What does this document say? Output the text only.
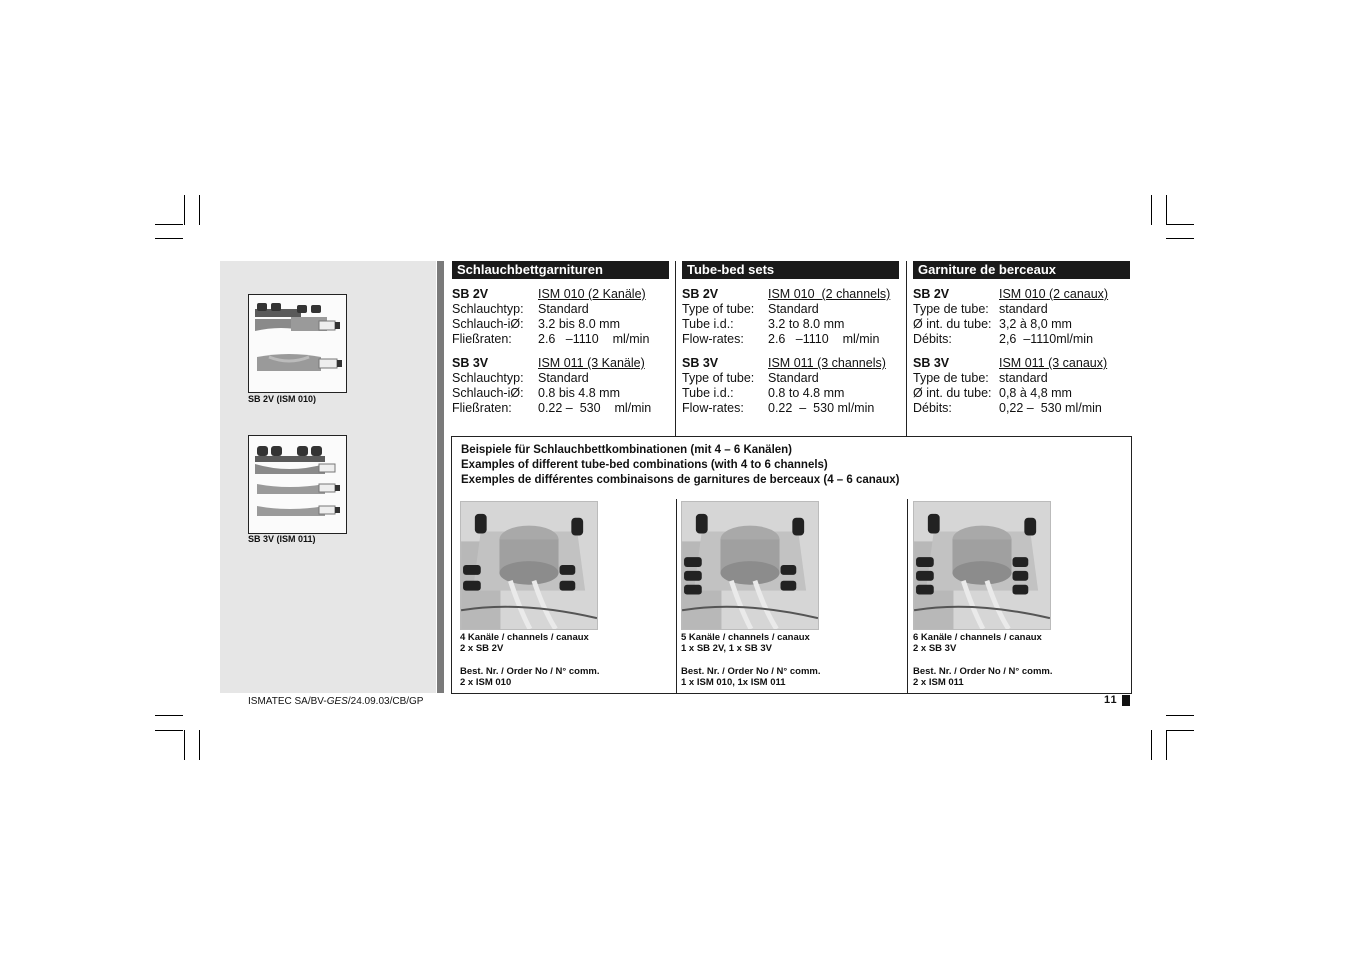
SB 2V (ISM 010)
SB 3V (ISM 011)
Schlauchbettgarnituren
SB 2V	ISM 010 (2 Kanäle)
Schlauchtyp:	Standard
Schlauch-iØ:	3.2 bis 8.0 mm
Fließraten:	2.6   –1110    ml/min
SB 3V	ISM 011 (3 Kanäle)
Schlauchtyp:	Standard
Schlauch-iØ:	0.8 bis 4.8 mm
Fließraten:	0.22 –  530    ml/min
Tube-bed sets
SB 2V	ISM 010  (2 channels)
Type of tube:	Standard
Tube i.d.:	3.2 to 8.0 mm
Flow-rates:	2.6   –1110    ml/min
SB 3V	ISM 011 (3 channels)
Type of tube:	Standard
Tube i.d.:	0.8 to 4.8 mm
Flow-rates:	0.22  –  530 ml/min
Garniture de berceaux
SB 2V	ISM 010 (2 canaux)
Type de tube: standard
Ø int. du tube: 3,2 à 8,0 mm
Débits:	2,6  –1110ml/min
SB 3V	ISM 011 (3 canaux)
Type de tube: standard
Ø int. du tube: 0,8 à 4,8 mm
Débits:	0,22 –  530 ml/min
Beispiele für Schlauchbettkombinationen (mit 4 – 6 Kanälen)
Examples of different tube-bed combinations (with 4 to 6 channels)
Exemples de différentes combinaisons de garnitures de berceaux (4 – 6 canaux)
4 Kanäle / channels / canaux
2 x SB 2V
Best. Nr. / Order No / N° comm.
2 x ISM 010
5 Kanäle / channels / canaux
1 x SB 2V, 1 x SB 3V
Best. Nr. / Order No / N° comm.
1 x ISM 010, 1x ISM 011
6 Kanäle / channels / canaux
2 x SB 3V
Best. Nr. / Order No / N° comm.
2 x ISM 011
ISMATEC SA/BV-GES/24.09.03/CB/GP	11
